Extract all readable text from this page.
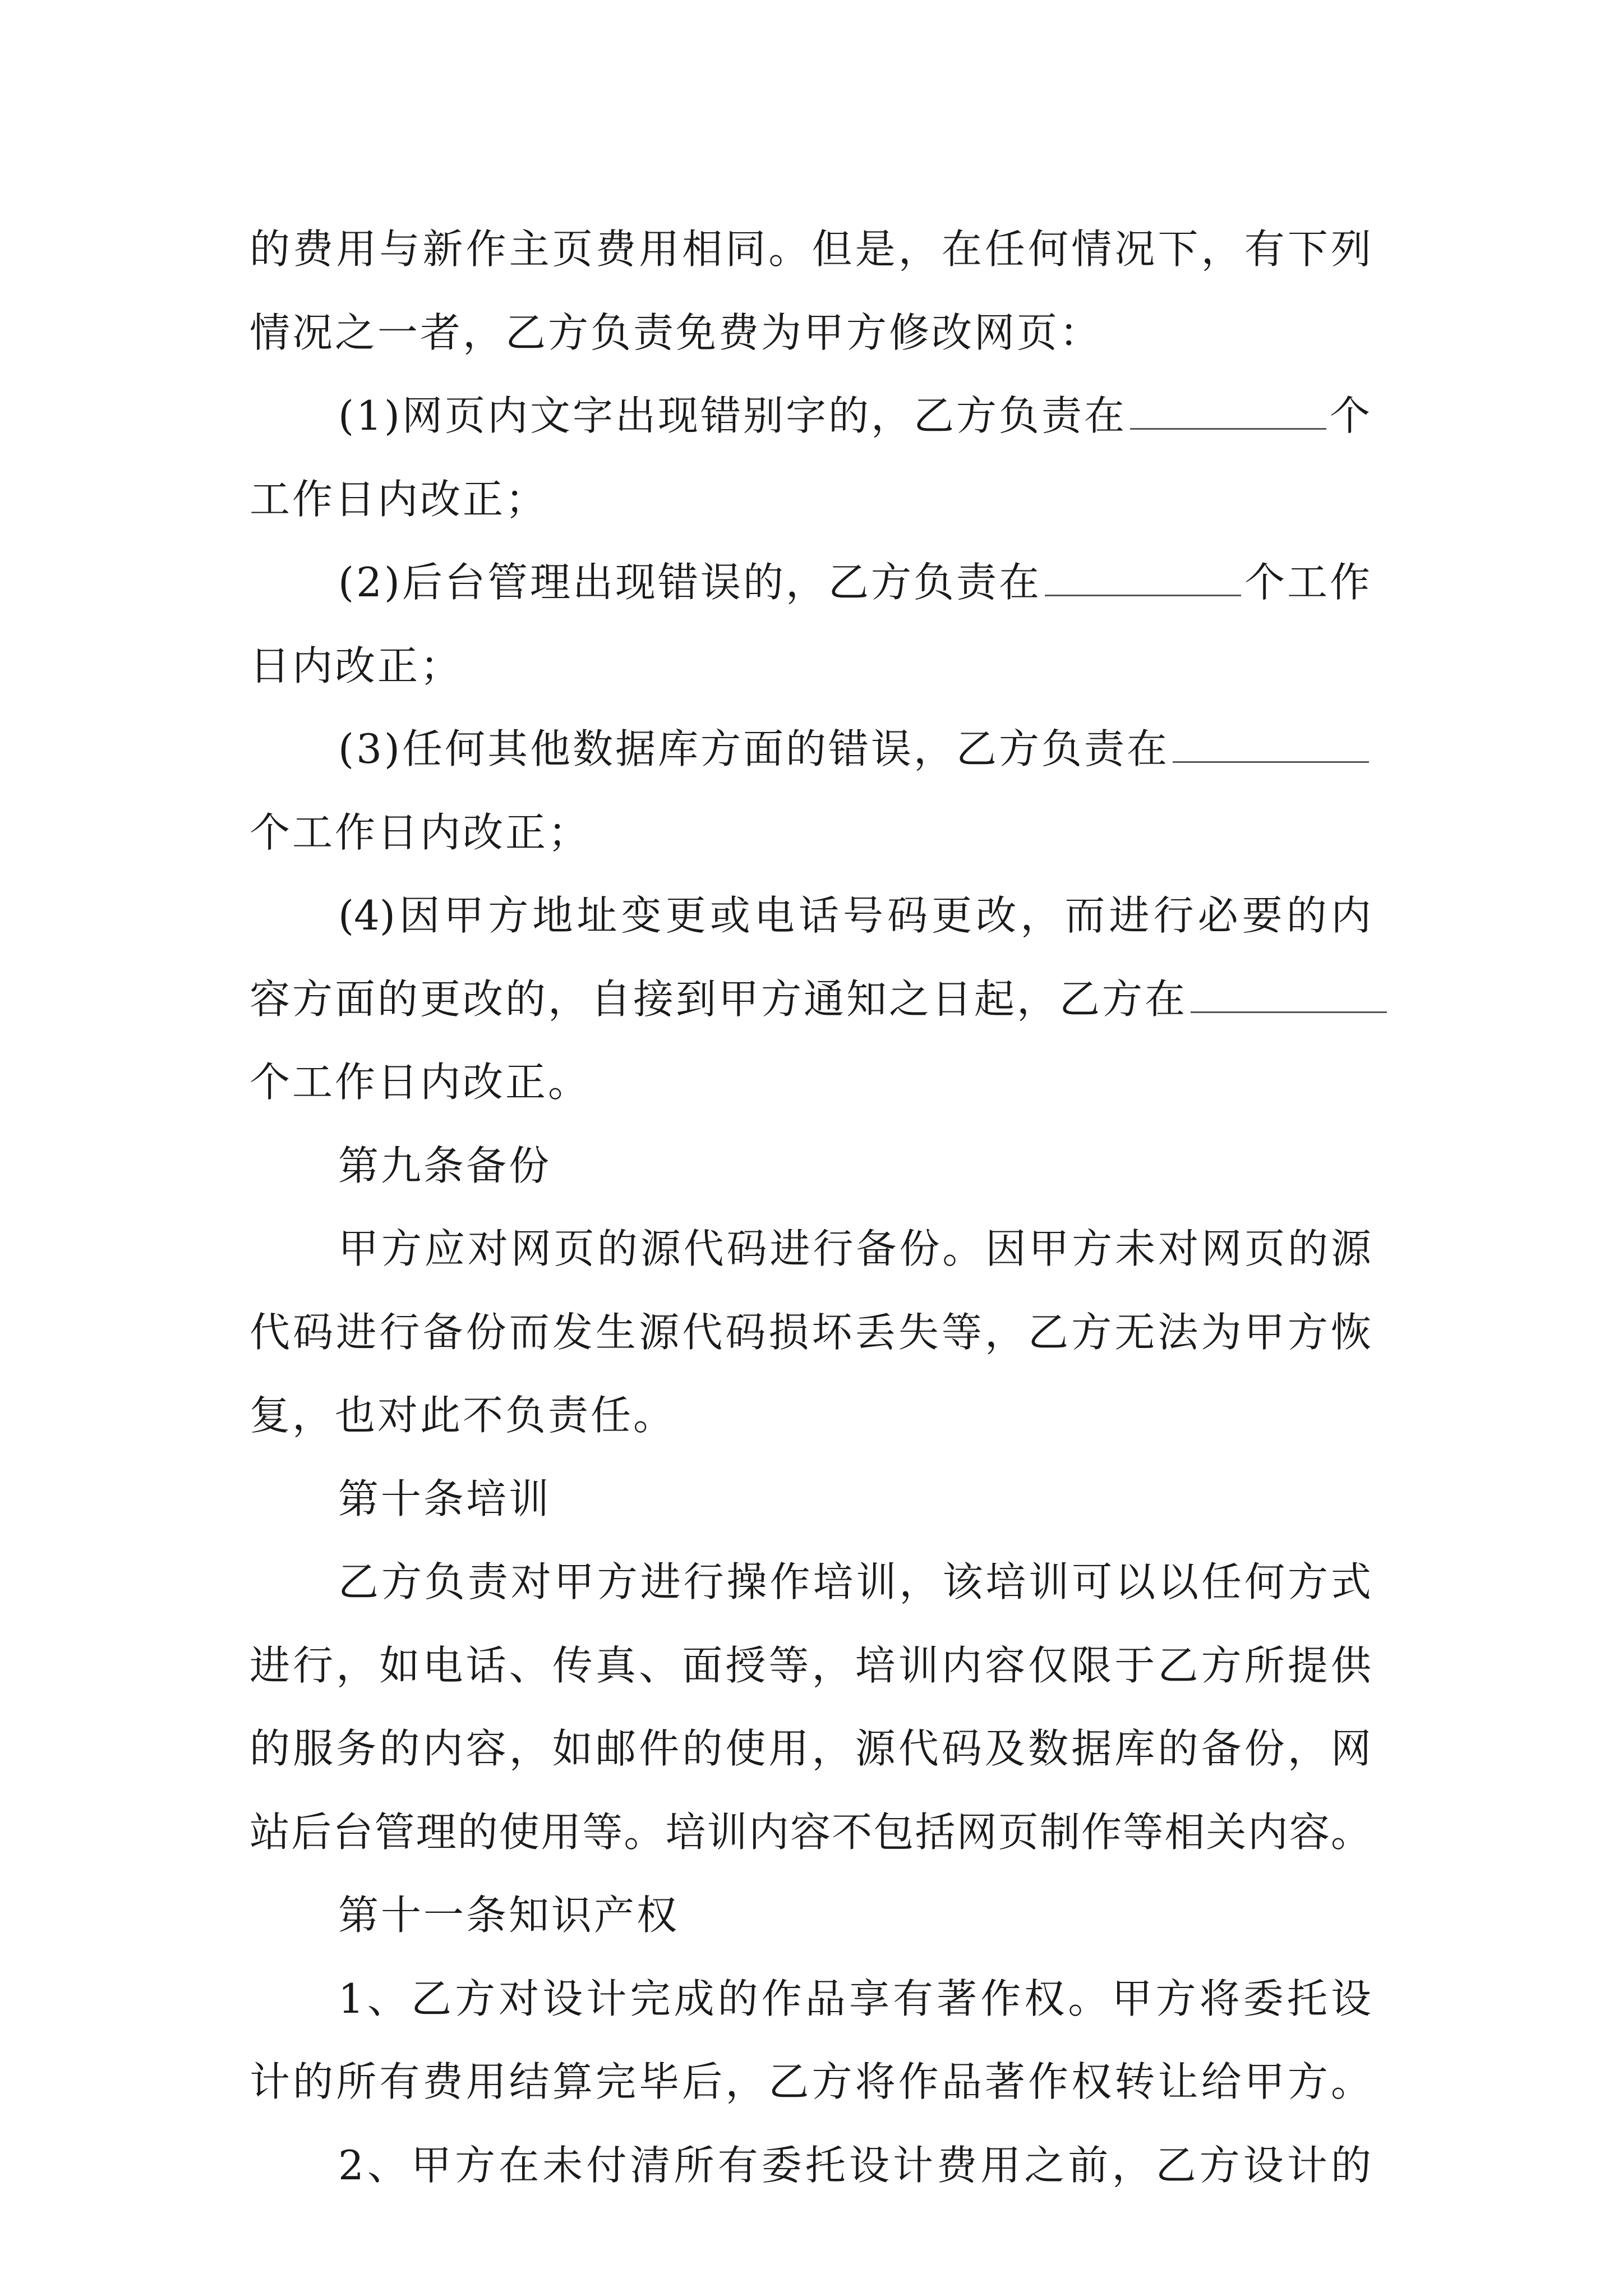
的费用与新作主页费用相同。但是，在任何情况下，有下列
情况之一者，乙方负责免费为甲方修改网页：
(1)网页内文字出现错别字的，乙方负责在	个
工作日内改正；
(2)后台管理出现错误的，乙方负责在	个工作
日内改正；
(3)任何其他数据库方面的错误，乙方负责在
个工作日内改正；
(4)因甲方地址变更或电话号码更改，而进行必要的内
容方面的更改的，自接到甲方通知之日起，乙方在
个工作日内改正。
第九条备份
甲方应对网页的源代码进行备份。因甲方未对网页的源
代码进行备份而发生源代码损坏丢失等，乙方无法为甲方恢
复，也对此不负责任。
第十条培训
乙方负责对甲方进行操作培训，该培训可以以任何方式
进行，如电话、传真、面授等，培训内容仅限于乙方所提供
的服务的内容，如邮件的使用，源代码及数据库的备份，网
站后台管理的使用等。培训内容不包括网页制作等相关内容。
第十一条知识产权
1、乙方对设计完成的作品享有著作权。甲方将委托设
计的所有费用结算完毕后，乙方将作品著作权转让给甲方。
2、甲方在未付清所有委托设计费用之前，乙方设计的
